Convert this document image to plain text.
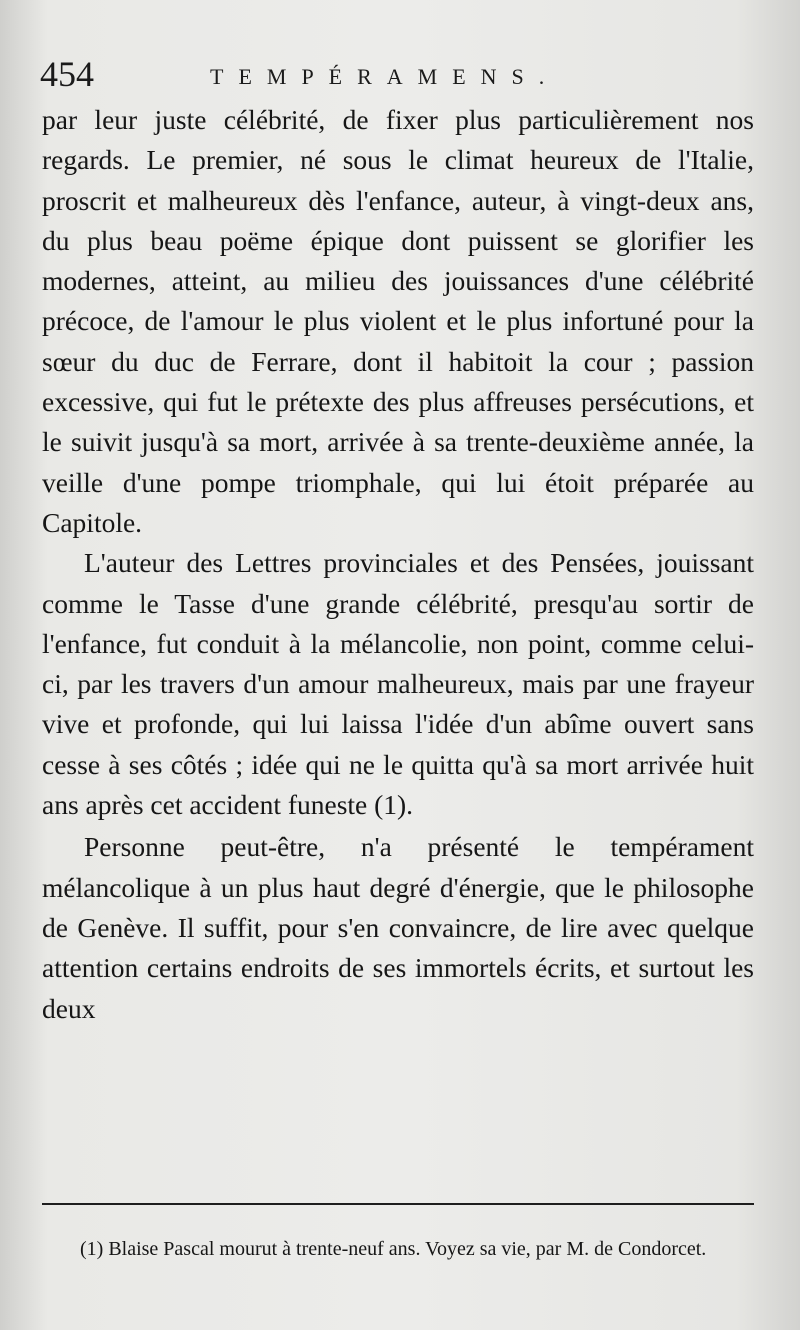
454	TEMPÉRAMENS.

par leur juste célébrité, de fixer plus particulièrement nos regards. Le premier, né sous le climat heureux de l'Italie, proscrit et malheureux dès l'enfance, auteur, à vingt-deux ans, du plus beau poëme épique dont puissent se glorifier les modernes, atteint, au milieu des jouissances d'une célébrité précoce, de l'amour le plus violent et le plus infortuné pour la sœur du duc de Ferrare, dont il habitoit la cour ; passion excessive, qui fut le prétexte des plus affreuses persécutions, et le suivit jusqu'à sa mort, arrivée à sa trente-deuxième année, la veille d'une pompe triomphale, qui lui étoit préparée au Capitole.

L'auteur des Lettres provinciales et des Pensées, jouissant comme le Tasse d'une grande célébrité, presqu'au sortir de l'enfance, fut conduit à la mélancolie, non point, comme celui-ci, par les travers d'un amour malheureux, mais par une frayeur vive et profonde, qui lui laissa l'idée d'un abîme ouvert sans cesse à ses côtés ; idée qui ne le quitta qu'à sa mort arrivée huit ans après cet accident funeste (1).

Personne peut-être, n'a présenté le tempérament mélancolique à un plus haut degré d'énergie, que le philosophe de Genève. Il suffit, pour s'en convaincre, de lire avec quelque attention certains endroits de ses immortels écrits, et surtout les deux

(1) Blaise Pascal mourut à trente-neuf ans. Voyez sa vie, par M. de Condorcet.
